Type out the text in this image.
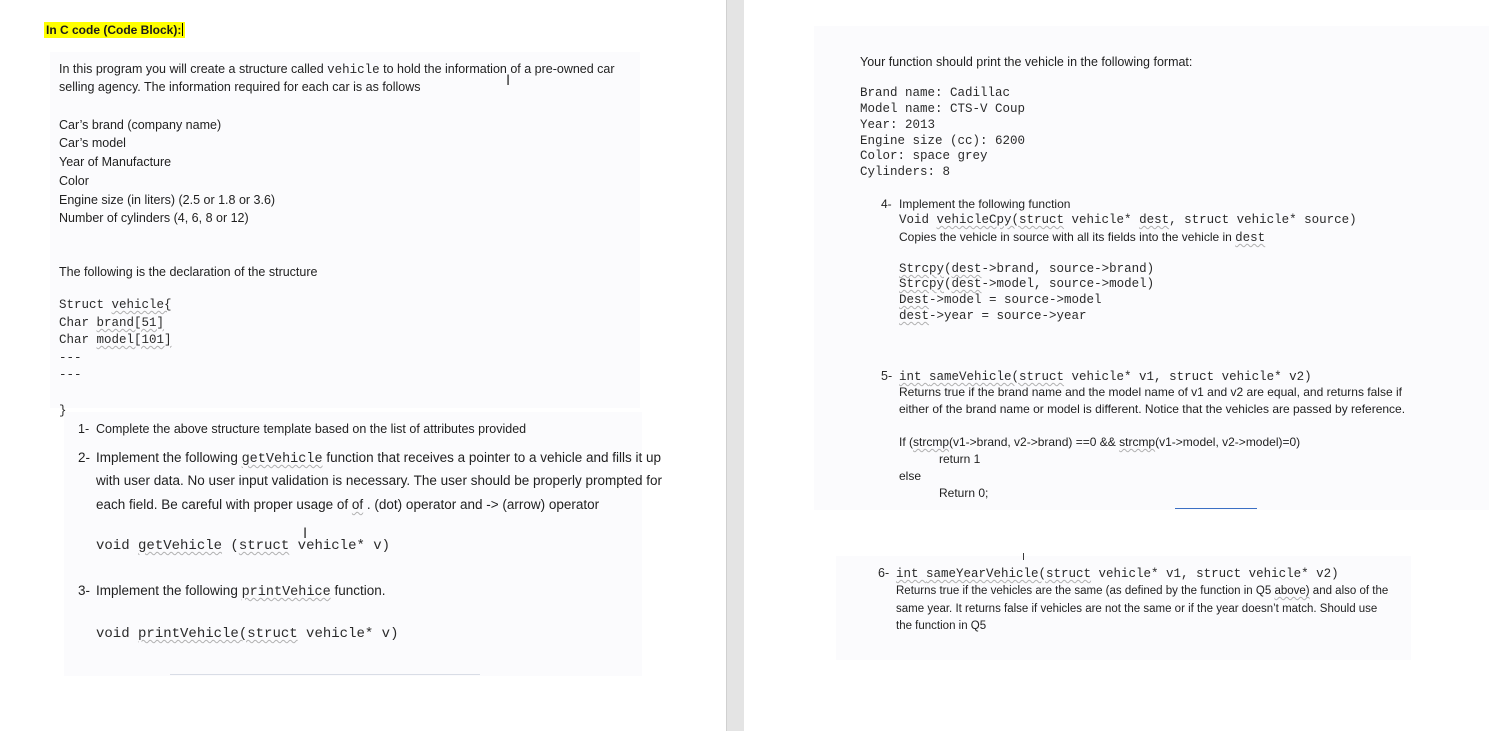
In C code (Code Block):
In this program you will create a structure called vehicle to hold the information of a pre-owned car
selling agency. The information required for each car is as follows	I
Car’s brand (company name)
Car’s model
Year of Manufacture
Color
Engine size (in liters) (2.5 or 1.8 or 3.6)
Number of cylinders (4, 6, 8 or 12)
The following is the declaration of the structure
Struct vehicle{
Char brand[51]
Char model[101]
---
---
}
1- Complete the above structure template based on the list of attributes provided
2- Implement the following getVehicle function that receives a pointer to a vehicle and fills it up
with user data. No user input validation is necessary. The user should be properly prompted for
each field. Be careful with proper usage of of . (dot) operator and -> (arrow) operator
void getVehicle (struct vehicle* v)
I
3- Implement the following printVehice function.
void printVehicle(struct vehicle* v)
Your function should print the vehicle in the following format:
Brand name: Cadillac
Model name: CTS-V Coup
Year: 2013
Engine size (cc): 6200
Color: space grey
Cylinders: 8
4- Implement the following function
Void vehicleCpy(struct vehicle* dest, struct vehicle* source)
Copies the vehicle in source with all its fields into the vehicle in dest
Strcpy(dest->brand, source->brand)
Strcpy(dest->model, source->model)
Dest->model = source->model
dest->year = source->year
5- int sameVehicle(struct vehicle* v1, struct vehicle* v2)
Returns true if the brand name and the model name of v1 and v2 are equal, and returns false if
either of the brand name or model is different. Notice that the vehicles are passed by reference.
If (strcmp(v1->brand, v2->brand) ==0 && strcmp(v1->model, v2->model)=0)
return 1
else
Return 0;
I
6- int sameYearVehicle(struct vehicle* v1, struct vehicle* v2)
Returns true if the vehicles are the same (as defined by the function in Q5 above) and also of the
same year. It returns false if vehicles are not the same or if the year doesn’t match. Should use
the function in Q5
